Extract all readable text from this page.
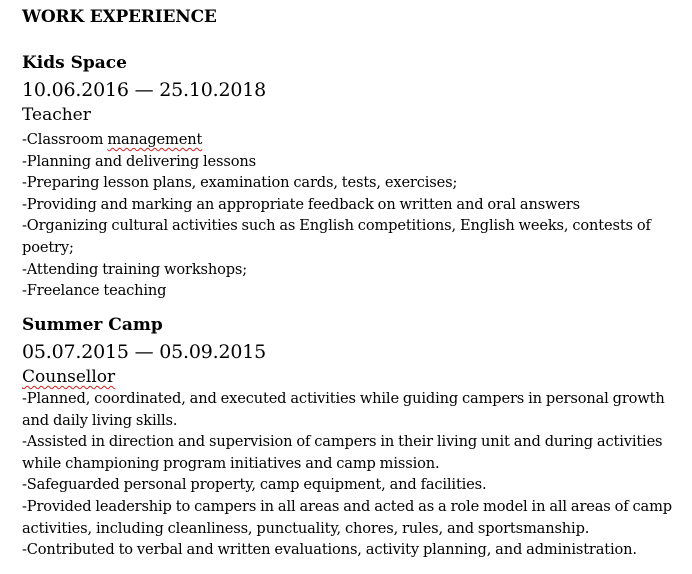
WORK EXPERIENCE
Kids Space
10.06.2016 — 25.10.2018
Teacher
-Classroom management
-Planning and delivering lessons
-Preparing lesson plans, examination cards, tests, exercises;
-Providing and marking an appropriate feedback on written and oral answers
-Organizing cultural activities such as English competitions, English weeks, contests of poetry;
-Attending training workshops;
-Freelance teaching
Summer Camp
05.07.2015 — 05.09.2015
Counsellor
-Planned, coordinated, and executed activities while guiding campers in personal growth and daily living skills.
-Assisted in direction and supervision of campers in their living unit and during activities while championing program initiatives and camp mission.
-Safeguarded personal property, camp equipment, and facilities.
-Provided leadership to campers in all areas and acted as a role model in all areas of camp activities, including cleanliness, punctuality, chores, rules, and sportsmanship.
-Contributed to verbal and written evaluations, activity planning, and administration.
